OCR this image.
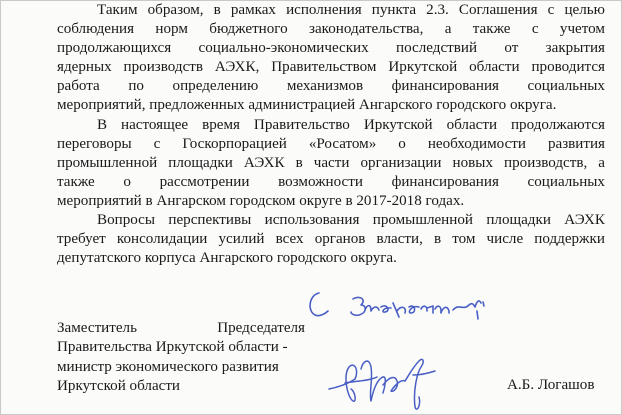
Таким образом, в рамках исполнения пункта 2.3. Соглашения с целью
соблюдения норм бюджетного законодательства, а также с учетом
продолжающихся социально-экономических последствий от закрытия
ядерных производств АЭХК, Правительством Иркутской области проводится
работа по определению механизмов финансирования социальных
мероприятий, предложенных администрацией Ангарского городского округа.
В настоящее время Правительство Иркутской области продолжаются
переговоры с Госкорпорацией «Росатом» о необходимости развития
промышленной площадки АЭХК в части организации новых производств, а
также о рассмотрении возможности финансирования социальных
мероприятий в Ангарском городском округе в 2017-2018 годах.
Вопросы перспективы использования промышленной площадки АЭХК
требует консолидации усилий всех органов власти, в том числе поддержки
депутатского корпуса Ангарского городского округа.
Заместитель	Председателя
Правительства Иркутской области -
министр экономического развития
Иркутской области	А.Б. Логашов
